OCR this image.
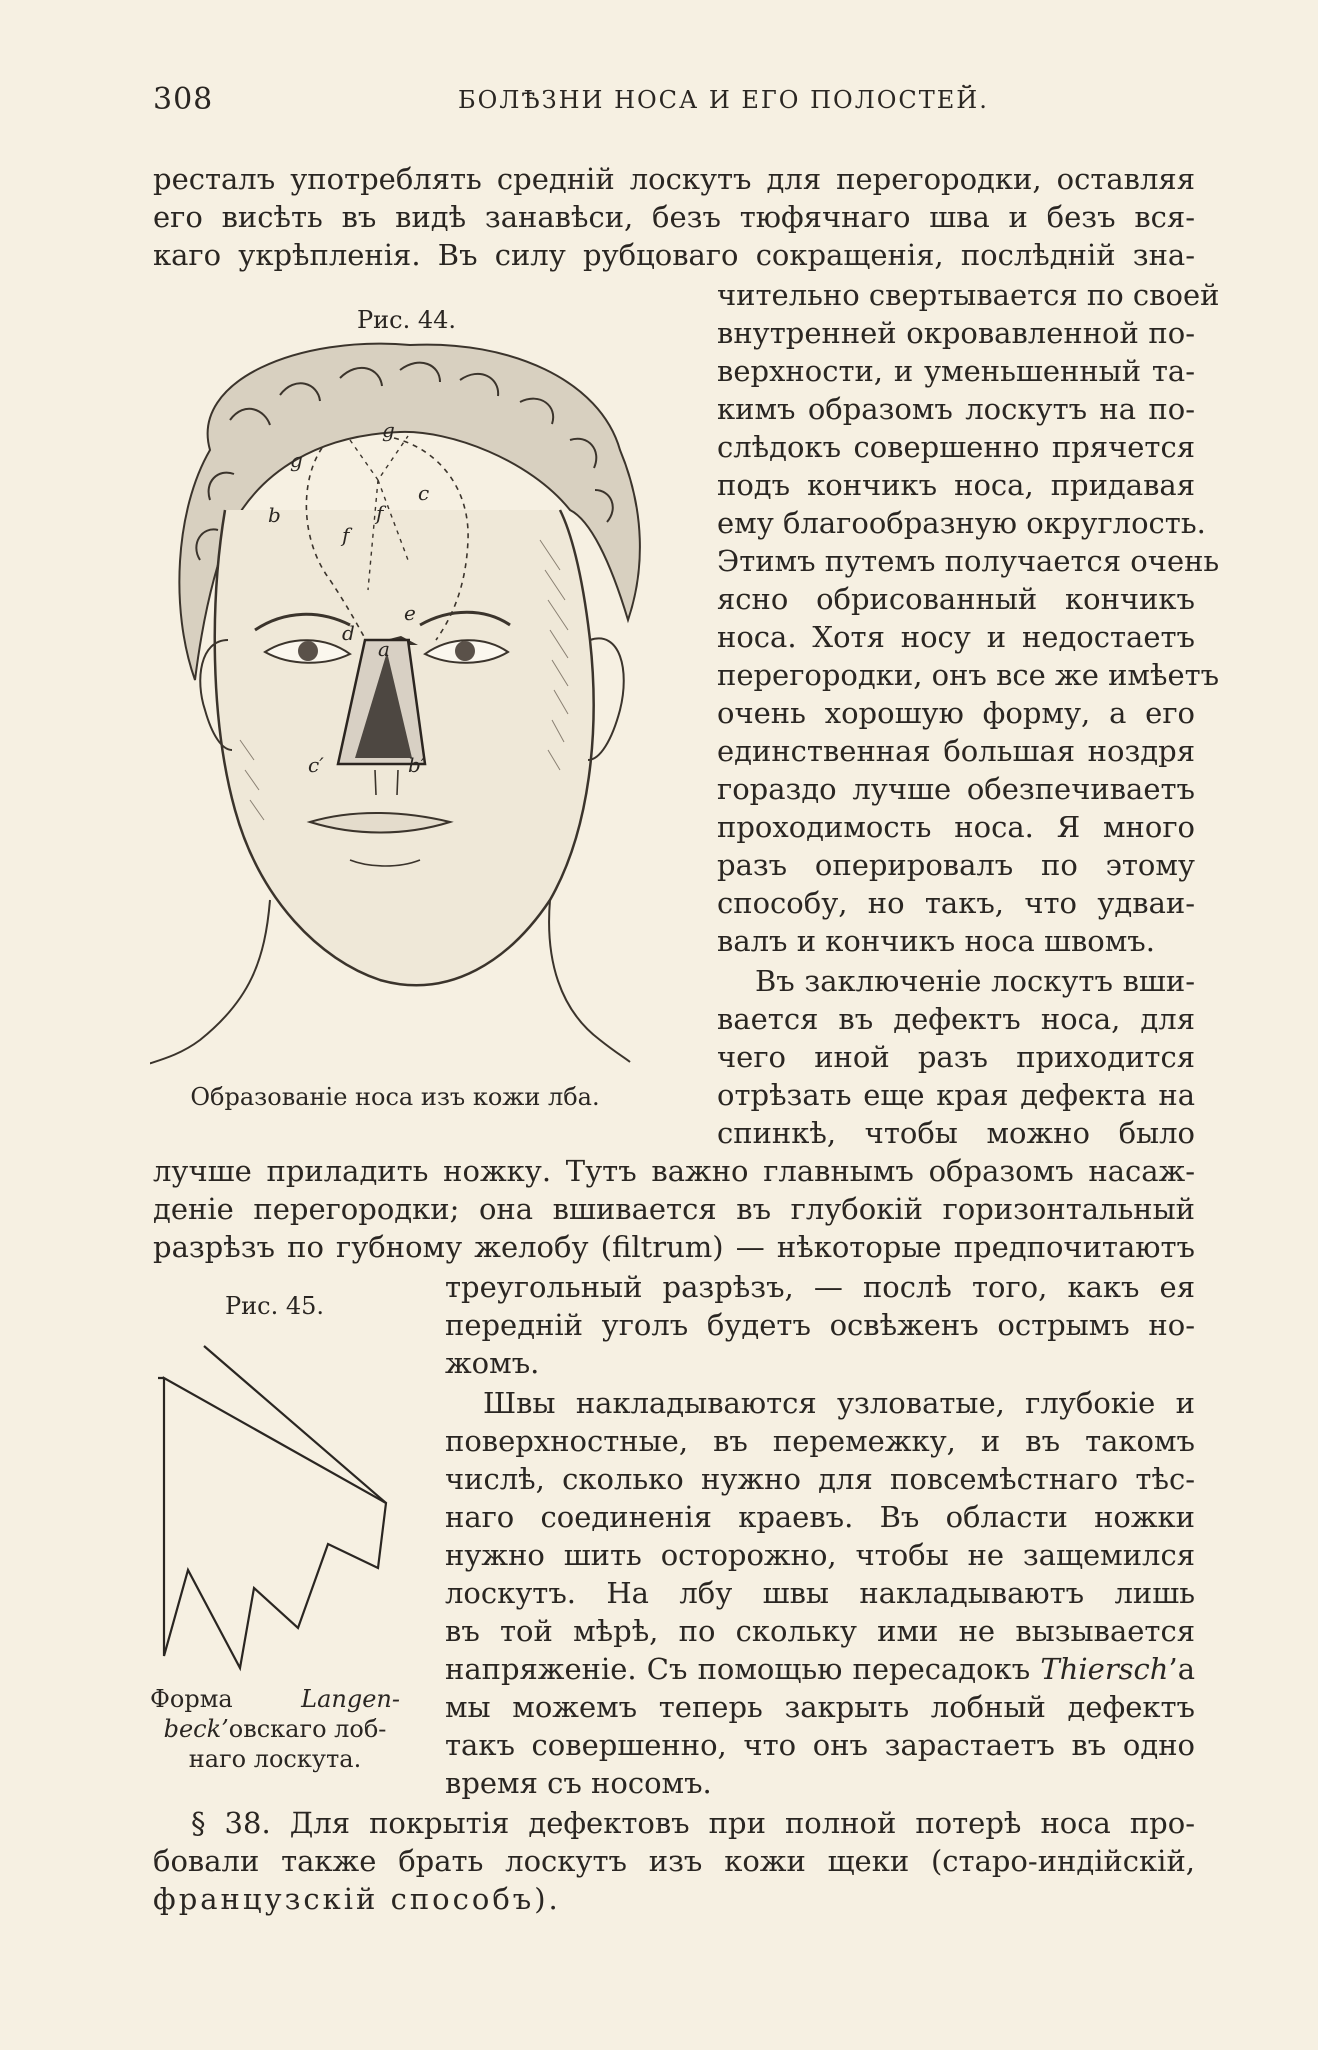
308	БОЛѢЗНИ НОСА И ЕГО ПОЛОСТЕЙ.
ресталъ употреблять средній лоскутъ для перегородки, оставляя
его висѣть въ видѣ занавѣси, безъ тюфячнаго шва и безъ вся-
каго укрѣпленія. Въ силу рубцоваго сокращенія, послѣдній зна-
чительно свертывается по своей
внутренней окровавленной по-
верхности, и уменьшенный та-
кимъ образомъ лоскутъ на по-
слѣдокъ совершенно прячется
подъ кончикъ носа, придавая
ему благообразную округлость.
Этимъ путемъ получается очень
ясно обрисованный кончикъ
носа. Хотя носу и недостаетъ
перегородки, онъ все же имѣетъ
очень хорошую форму, а его
единственная большая ноздря
гораздо лучше обезпечиваетъ
проходимость носа. Я много
разъ оперировалъ по этому
способу, но такъ, что удваи-
валъ и кончикъ носа швомъ.
Въ заключеніе лоскутъ вши-
вается въ дефектъ носа, для
чего иной разъ приходится
отрѣзать еще края дефекта на
спинкѣ, чтобы можно было
лучше приладить ножку. Тутъ важно главнымъ образомъ насаж-
деніе перегородки; она вшивается въ глубокій горизонтальный
разрѣзъ по губному желобу (filtrum) — нѣкоторые предпочитаютъ
треугольный разрѣзъ, — послѣ того, какъ ея
передній уголъ будетъ освѣженъ острымъ но-
жомъ.
Швы накладываются узловатые, глубокіе и
поверхностные, въ перемежку, и въ такомъ
числѣ, сколько нужно для повсемѣстнаго тѣс-
наго соединенія краевъ. Въ области ножки
нужно шить осторожно, чтобы не защемился
лоскутъ. На лбу швы накладываютъ лишь
въ той мѣрѣ, по скольку ими не вызывается
напряженіе. Съ помощью пересадокъ Thiersch’а
мы можемъ теперь закрыть лобный дефектъ
такъ совершенно, что онъ зарастаетъ въ одно
время съ носомъ.
§ 38. Для покрытія дефектовъ при полной потерѣ носа про-
бовали также брать лоскутъ изъ кожи щеки (старо-индійскій,
французскій способъ).
Рис. 44.
g
g
b
f
f
c
e
d
a
c′	b′
Образованіе носа изъ кожи лба.
Рис. 45.
Форма Langen-
beck’овскаго лоб-
наго лоскута.
